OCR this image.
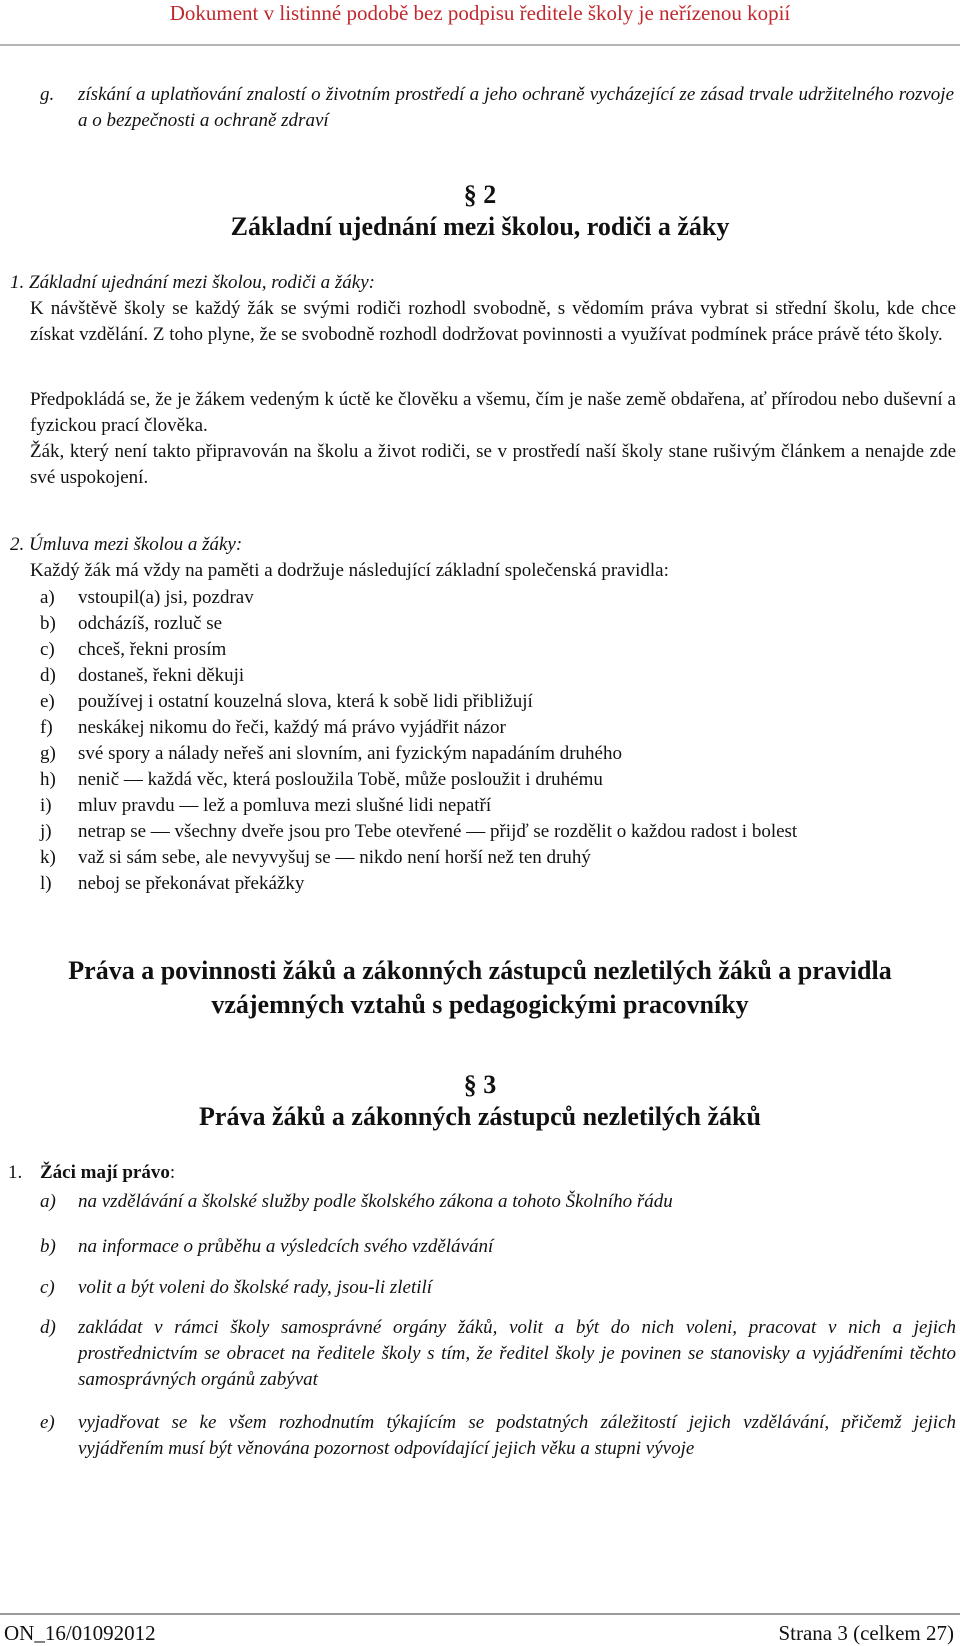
Dokument v listinné podobě bez podpisu ředitele školy je neřízenou kopií
g. získání a uplatňování znalostí o životním prostředí a jeho ochraně vycházející ze zásad trvale udržitelného rozvoje a o bezpečnosti a ochraně zdraví
§ 2
Základní ujednání mezi školou, rodiči a žáky
1. Základní ujednání mezi školou, rodiči a žáky:
K návštěvě školy se každý žák se svými rodiči rozhodl svobodně, s vědomím práva vybrat si střední školu, kde chce získat vzdělání. Z toho plyne, že se svobodně rozhodl dodržovat povinnosti a využívat podmínek práce právě této školy.
Předpokládá se, že je žákem vedeným k úctě ke člověku a všemu, čím je naše země obdařena, ať přírodou nebo duševní a fyzickou prací člověka.
Žák, který není takto připravován na školu a život rodiči, se v prostředí naší školy stane rušivým článkem a nenajde zde své uspokojení.
2. Úmluva mezi školou a žáky:
Každý žák má vždy na paměti a dodržuje následující základní společenská pravidla:
a) vstoupil(a) jsi, pozdrav
b) odcházíš, rozluč se
c) chceš, řekni prosím
d) dostaneš, řekni děkuji
e) používej i ostatní kouzelná slova, která k sobě lidi přibližují
f) neskákej nikomu do řeči, každý má právo vyjádřit názor
g) své spory a nálady neřeš ani slovním, ani fyzickým napadáním druhého
h) nenič — každá věc, která posloužila Tobě, může posloužit i druhému
i) mluv pravdu — lež a pomluva mezi slušné lidi nepatří
j) netrap se — všechny dveře jsou pro Tebe otevřené — přijď se rozdělit o každou radost i bolest
k) važ si sám sebe, ale nevyvyšuj se — nikdo není horší než ten druhý
l) neboj se překonávat překážky
Práva a povinnosti žáků a zákonných zástupců nezletilých žáků a pravidla vzájemných vztahů s pedagogickými pracovníky
§ 3
Práva žáků a zákonných zástupců nezletilých žáků
1. Žáci mají právo:
a) na vzdělávání a školské služby podle školského zákona a tohoto Školního řádu
b) na informace o průběhu a výsledcích svého vzdělávání
c) volit a být voleni do školské rady, jsou-li zletilí
d) zakládat v rámci školy samosprávné orgány žáků, volit a být do nich voleni, pracovat v nich a jejich prostřednictvím se obracet na ředitele školy s tím, že ředitel školy je povinen se stanovisky a vyjádřeními těchto samosprávných orgánů zabývat
e) vyjadřovat se ke všem rozhodnutím týkajícím se podstatných záležitostí jejich vzdělávání, přičemž jejich vyjádřením musí být věnována pozornost odpovídající jejich věku a stupni vývoje
ON_16/01092012	Strana 3 (celkem 27)
